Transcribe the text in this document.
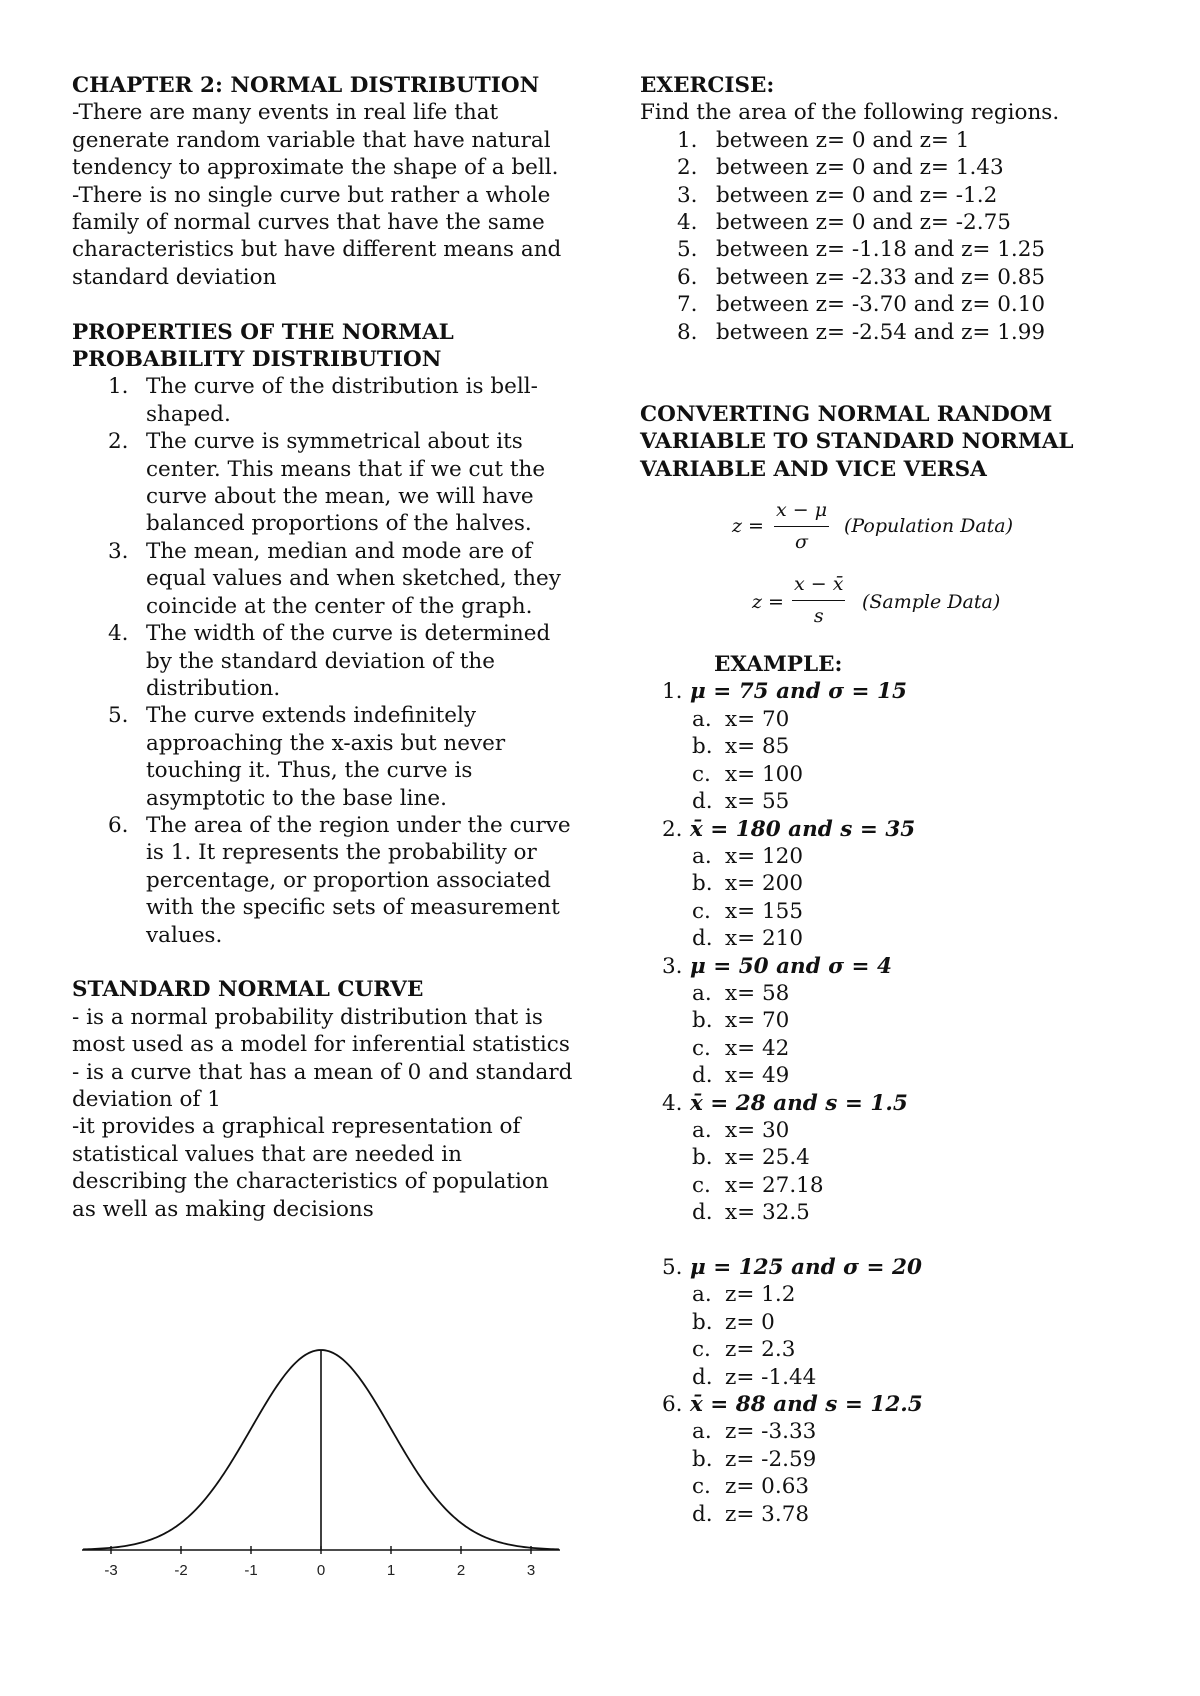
CHAPTER 2: NORMAL DISTRIBUTION

-There are many events in real life that generate random variable that have natural tendency to approximate the shape of a bell.

-There is no single curve but rather a whole family of normal curves that have the same characteristics but have different means and standard deviation

PROPERTIES OF THE NORMAL PROBABILITY DISTRIBUTION

1. The curve of the distribution is bell-shaped.
2. The curve is symmetrical about its center. This means that if we cut the curve about the mean, we will have balanced proportions of the halves.
3. The mean, median and mode are of equal values and when sketched, they coincide at the center of the graph.
4. The width of the curve is determined by the standard deviation of the distribution.
5. The curve extends indefinitely approaching the x-axis but never touching it. Thus, the curve is asymptotic to the base line.
6. The area of the region under the curve is 1. It represents the probability or percentage, or proportion associated with the specific sets of measurement values.

STANDARD NORMAL CURVE

- is a normal probability distribution that is most used as a model for inferential statistics

- is a curve that has a mean of 0 and standard deviation of 1

-it provides a graphical representation of statistical values that are needed in describing the characteristics of population as well as making decisions

-3	-2	-1	0	1	2	3

EXERCISE:

Find the area of the following regions.

1. between z= 0 and z= 1
2. between z= 0 and z= 1.43
3. between z= 0 and z= -1.2
4. between z= 0 and z= -2.75
5. between z= -1.18 and z= 1.25
6. between z= -2.33 and z= 0.85
7. between z= -3.70 and z= 0.10
8. between z= -2.54 and z= 1.99

CONVERTING NORMAL RANDOM VARIABLE TO STANDARD NORMAL VARIABLE AND VICE VERSA

$z = \frac{x - \mu}{\sigma}$ (Population Data)
$z = \frac{x - x̄}{s}$ (Sample Data)

EXAMPLE:

1. μ = 75 and σ = 15
a. x= 70
b. x= 85
c. x= 100
d. x= 55
2. x̄ = 180 and s = 35
a. x= 120
b. x= 200
c. x= 155
d. x= 210
3. μ = 50 and σ = 4
a. x= 58
b. x= 70
c. x= 42
d. x= 49
4. x̄ = 28 and s = 1.5
a. x= 30
b. x= 25.4
c. x= 27.18
d. x= 32.5
5. μ = 125 and σ = 20
a. z= 1.2
b. z= 0
c. z= 2.3
d. z= -1.44
6. x̄ = 88 and s = 12.5
a. z= -3.33
b. z= -2.59
c. z= 0.63
d. z= 3.78
